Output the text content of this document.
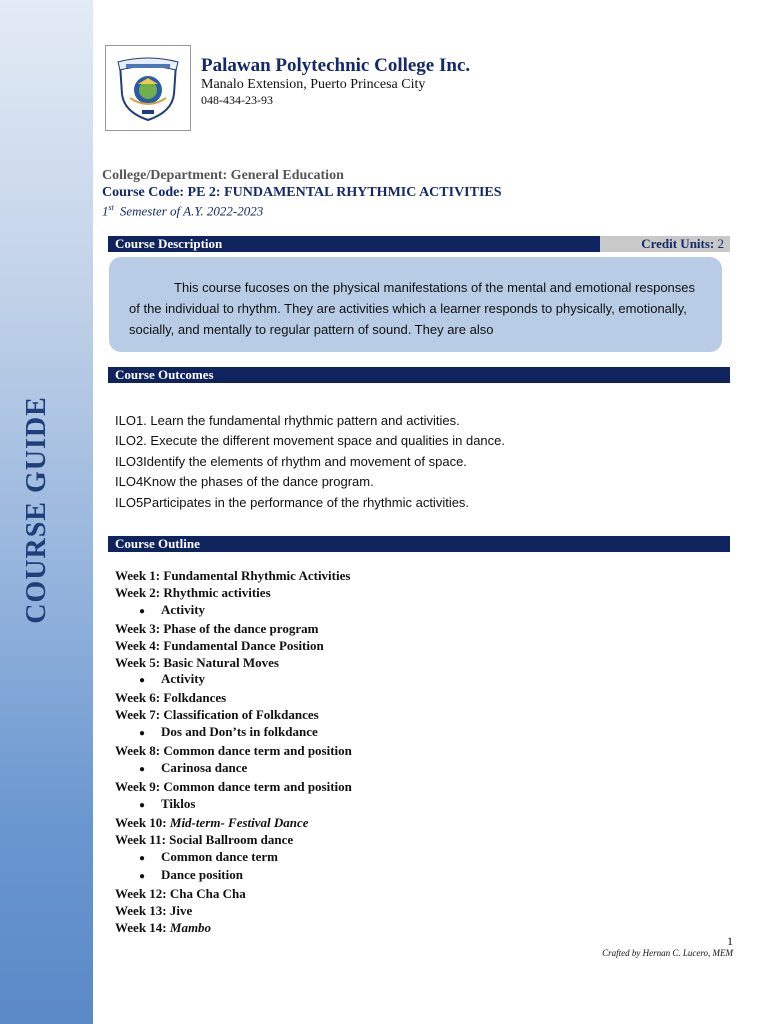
COURSE GUIDE
Palawan Polytechnic College Inc.
Manalo Extension, Puerto Princesa City
048-434-23-93
College/Department: General Education
Course Code: PE 2: FUNDAMENTAL RHYTHMIC ACTIVITIES
1st Semester of A.Y. 2022-2023
Course Description	Credit Units: 2

This course fucoses on the physical manifestations of the mental and emotional responses of the individual to rhythm. They are activities which a learner responds to physically, emotionally, socially, and mentally to regular pattern of sound. They are also

Course Outcomes
ILO1. Learn the fundamental rhythmic pattern and activities.
ILO2. Execute the different movement space and qualities in dance.
ILO3Identify the elements of rhythm and movement of space.
ILO4Know the phases of the dance program.
ILO5Participates in the performance of the rhythmic activities.
Course Outline
Week 1: Fundamental Rhythmic Activities
Week 2: Rhythmic activities
● Activity
Week 3: Phase of the dance program
Week 4: Fundamental Dance Position
Week 5: Basic Natural Moves
● Activity
Week 6: Folkdances
Week 7: Classification of Folkdances
● Dos and Don’ts in folkdance
Week 8: Common dance term and position
● Carinosa dance
Week 9: Common dance term and position
● Tiklos
Week 10: Mid-term- Festival Dance
Week 11: Social Ballroom dance
● Common dance term
● Dance position
Week 12: Cha Cha Cha
Week 13: Jive
Week 14: Mambo
1
Crafted by Hernan C. Lucero, MEM
